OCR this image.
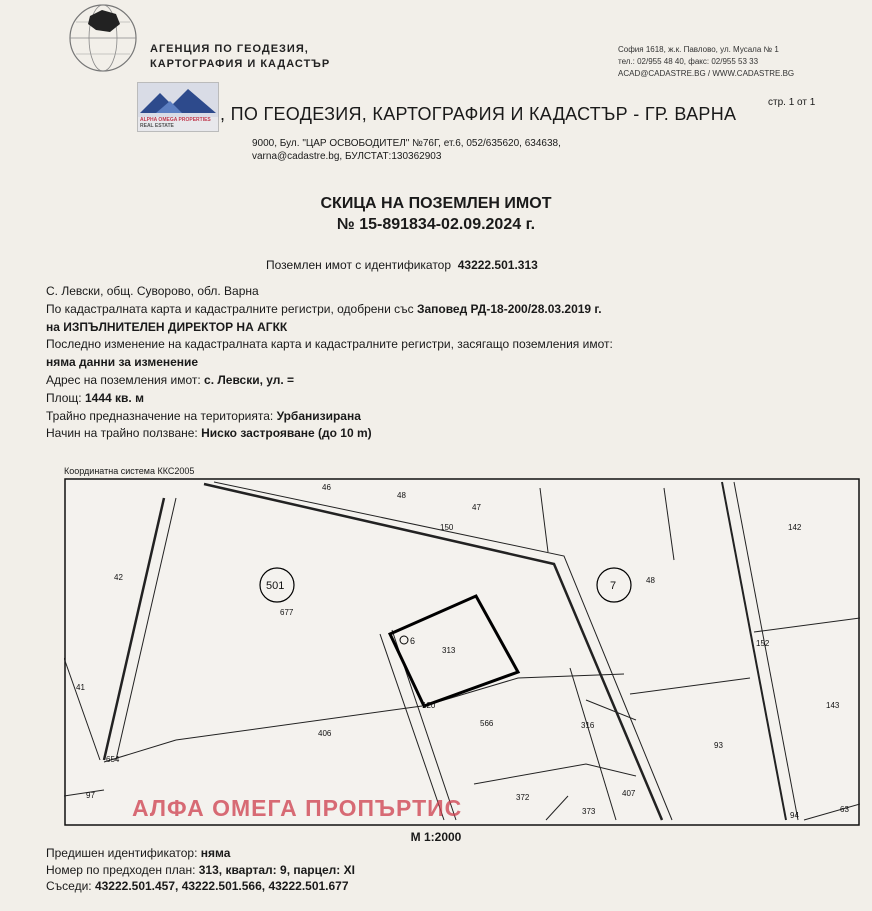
АГЕНЦИЯ ПО ГЕОДЕЗИЯ,
КАРТОГРАФИЯ И КАДАСТЪР
София 1618, ж.к. Павлово, ул. Мусала № 1
тел.: 02/955 48 40, факс: 02/955 53 33
ACAD@CADASTRE.BG / WWW.CADASTRE.BG
ALPHA OMEGA PROPERTIES
REAL ESTATE
стр. 1 от 1
, ПО ГЕОДЕЗИЯ, КАРТОГРАФИЯ И КАДАСТЪР - ГР. ВАРНА
9000, Бул. "ЦАР ОСВОБОДИТЕЛ" №76Г, ет.6, 052/635620, 634638,
varna@cadastre.bg, БУЛСТАТ:130362903
СКИЦА НА ПОЗЕМЛЕН ИМОТ
№ 15-891834-02.09.2024 г.
Поземлен имот с идентификатор 43222.501.313
С. Левски, общ. Суворово, обл. Варна
По кадастралната карта и кадастралните регистри, одобрени със Заповед РД-18-200/28.03.2019 г.
на ИЗПЪЛНИТЕЛЕН ДИРЕКТОР НА АГКК
Последно изменение на кадастралната карта и кадастралните регистри, засягащо поземления имот:
няма данни за изменение
Адрес на поземления имот: с. Левски, ул. =
Площ: 1444 кв. м
Трайно предназначение на територията: Урбанизирана
Начин на трайно ползване: Ниско застрояване (до 10 m)
Координатна система ККС2005
46
48
47
150	142
501	7	48
42
677
6
313
152
41
143
406
566	316
93
654
120
97	372	407
373	94
63
АЛФА ОМЕГА ПРОПЪРТИС
М 1:2000
Предишен идентификатор: няма
Номер по предходен план: 313, квартал: 9, парцел: XI
Съседи: 43222.501.457, 43222.501.566, 43222.501.677
